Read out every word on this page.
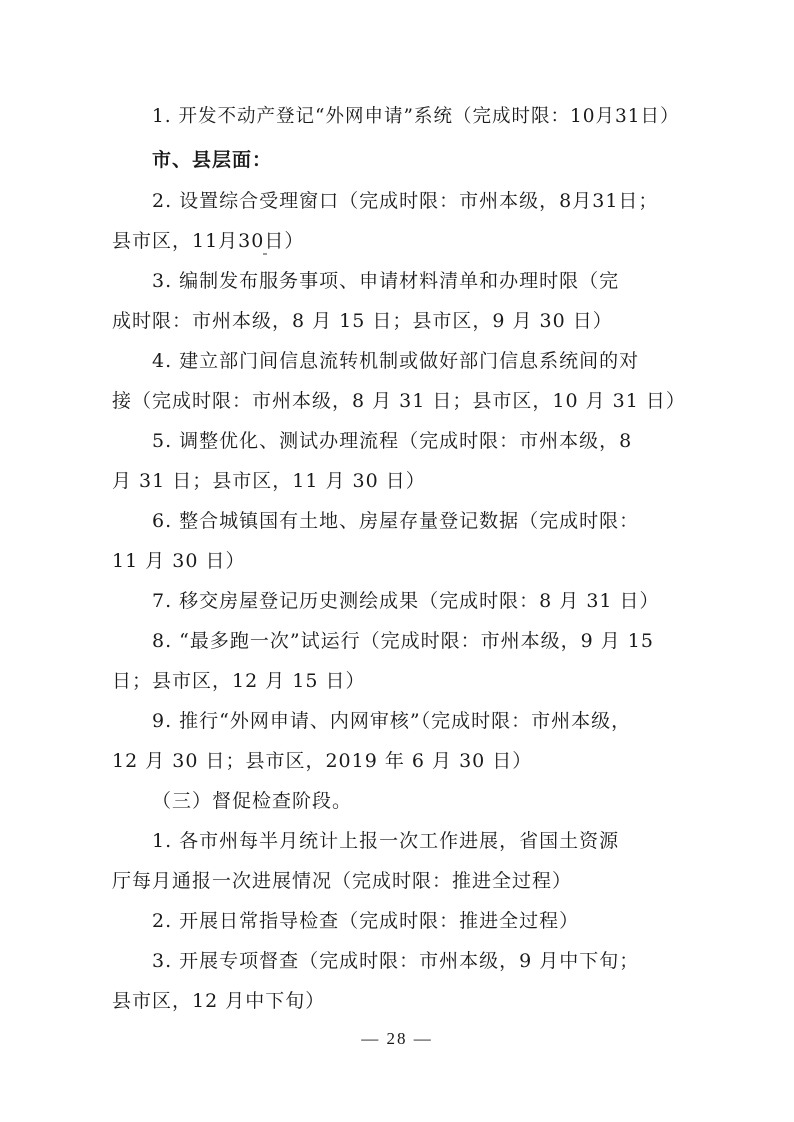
1. 开发不动产登记“外网申请”系统（完成时限：10月31日）
市、县层面：
2. 设置综合受理窗口（完成时限：市州本级，8月31日；
县市区，11月30日）
3. 编制发布服务事项、申请材料清单和办理时限（完
成时限：市州本级，8 月 15 日；县市区，9 月 30 日）
4. 建立部门间信息流转机制或做好部门信息系统间的对
接（完成时限：市州本级，8 月 31 日；县市区，10 月 31 日）
5. 调整优化、测试办理流程（完成时限：市州本级，8
月 31 日；县市区，11 月 30 日）
6. 整合城镇国有土地、房屋存量登记数据（完成时限：
11 月 30 日）
7. 移交房屋登记历史测绘成果（完成时限：8 月 31 日）
8. “最多跑一次”试运行（完成时限：市州本级，9 月 15
日；县市区，12 月 15 日）
9. 推行“外网申请、内网审核”（完成时限：市州本级，
12 月 30 日；县市区，2019 年 6 月 30 日）
（三）督促检查阶段。
1. 各市州每半月统计上报一次工作进展，省国土资源
厅每月通报一次进展情况（完成时限：推进全过程）
2. 开展日常指导检查（完成时限：推进全过程）
3. 开展专项督查（完成时限：市州本级，9 月中下旬；
县市区，12 月中下旬）
— 28 —
